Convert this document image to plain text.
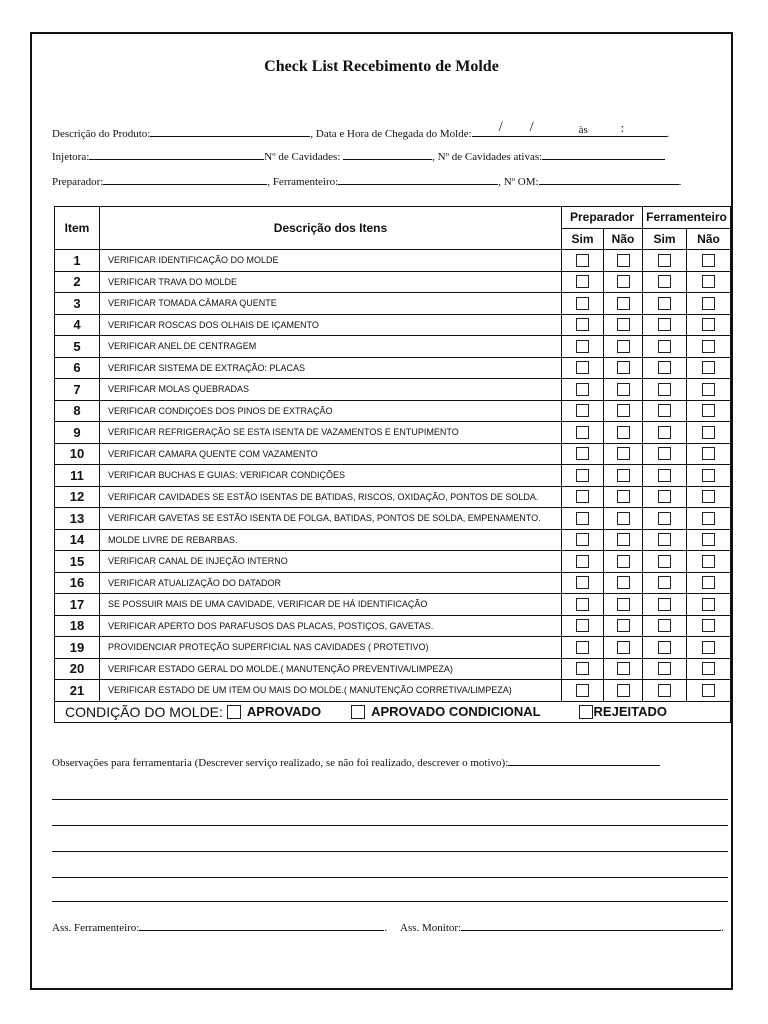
Check List Recebimento de Molde
Descrição do Produto:	, Data e Hora de Chegada do Molde: / /	às	:	.
Injetora:	Nº de Cavidades:	, Nº de Cavidades ativas:
Preparador:	, Ferramenteiro:	, Nº OM:	.
Item	Descrição dos Itens	Preparador		Ferramenteiro	
		Sim	Não	Sim	Não
1	VERIFICAR IDENTIFICAÇÃO DO MOLDE				
2	VERIFICAR TRAVA DO MOLDE				
3	VERIFICAR TOMADA CÂMARA QUENTE				
4	VERIFICAR ROSCAS DOS OLHAIS DE IÇAMENTO				
5	VERIFICAR ANEL DE CENTRAGEM				
6	VERIFICAR SISTEMA DE EXTRAÇÃO: PLACAS				
7	VERIFICAR MOLAS QUEBRADAS				
8	VERIFICAR CONDIÇOES DOS PINOS DE EXTRAÇÃO				
9	VERIFICAR REFRIGERAÇÃO SE ESTA ISENTA DE VAZAMENTOS E ENTUPIMENTO				
10	VERIFICAR CAMARA QUENTE COM VAZAMENTO				
11	VERIFICAR BUCHAS E GUIAS: VERIFICAR CONDIÇÕES				
12	VERIFICAR CAVIDADES SE ESTÃO ISENTAS DE BATIDAS, RISCOS, OXIDAÇÃO, PONTOS DE SOLDA.				
13	VERIFICAR GAVETAS SE ESTÃO ISENTA DE FOLGA, BATIDAS, PONTOS DE SOLDA, EMPENAMENTO.				
14	MOLDE LIVRE DE REBARBAS.				
15	VERIFICAR CANAL DE INJEÇÃO INTERNO				
16	VERIFICAR ATUALIZAÇÃO DO DATADOR				
17	SE POSSUIR MAIS DE UMA CAVIDADE, VERIFICAR DE HÁ IDENTIFICAÇÃO				
18	VERIFICAR APERTO DOS PARAFUSOS DAS PLACAS, POSTIÇOS, GAVETAS.				
19	PROVIDENCIAR PROTEÇÃO SUPERFICIAL NAS CAVIDADES ( PROTETIVO)				
20	VERIFICAR ESTADO GERAL DO MOLDE.( MANUTENÇÃO PREVENTIVA/LIMPEZA)				
21	VERIFICAR ESTADO DE UM ITEM OU MAIS DO MOLDE.( MANUTENÇÃO CORRETIVA/LIMPEZA)				

CONDIÇÃO DO MOLDE: APROVADO APROVADO CONDICIONAL REJEITADO					
Observações para ferramentaria (Descrever serviço realizado, se não foi realizado, descrever o motivo):
Ass. Ferramenteiro:	. Ass. Monitor:	.
